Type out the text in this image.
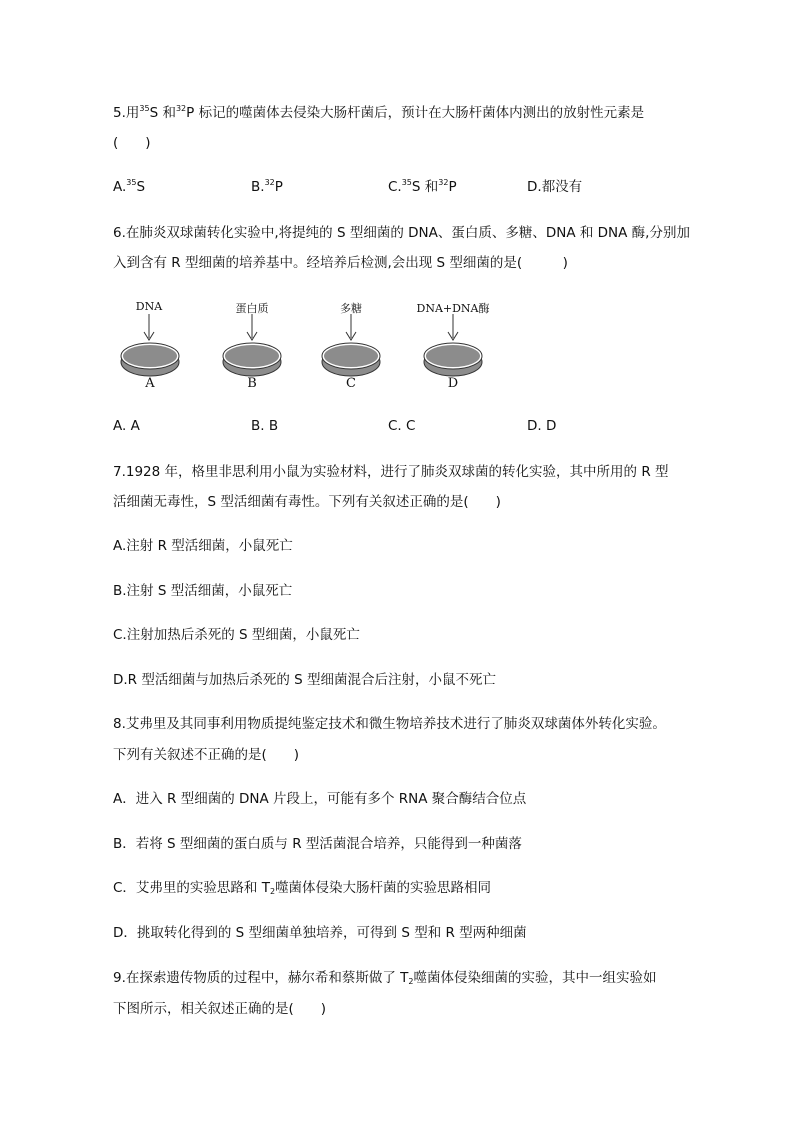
5.用$^{35}$S 和$^{32}$P 标记的噬菌体去侵染大肠杆菌后，预计在大肠杆菌体内测出的放射性元素是
(　　)
A.$^{35}$S	B.$^{32}$P	C.$^{35}$S 和$^{32}$P	D.都没有
6.在肺炎双球菌转化实验中,将提纯的 S 型细菌的 DNA、蛋白质、多糖、DNA 和 DNA 酶,分别加
入到含有 R 型细菌的培养基中。经培养后检测,会出现 S 型细菌的是(　　　)
DNA	蛋白质	多糖	DNA+DNA酶
A	B	C	D
A. A	B. B	C. C	D. D
7.1928 年，格里非思利用小鼠为实验材料，进行了肺炎双球菌的转化实验，其中所用的 R 型
活细菌无毒性，S 型活细菌有毒性。下列有关叙述正确的是(　　)
A.注射 R 型活细菌，小鼠死亡
B.注射 S 型活细菌，小鼠死亡
C.注射加热后杀死的 S 型细菌，小鼠死亡
D.R 型活细菌与加热后杀死的 S 型细菌混合后注射，小鼠不死亡
8.艾弗里及其同事利用物质提纯鉴定技术和微生物培养技术进行了肺炎双球菌体外转化实验。
下列有关叙述不正确的是(　　)
A．进入 R 型细菌的 DNA 片段上，可能有多个 RNA 聚合酶结合位点
B．若将 S 型细菌的蛋白质与 R 型活菌混合培养，只能得到一种菌落
C．艾弗里的实验思路和 $T_2$噬菌体侵染大肠杆菌的实验思路相同
D．挑取转化得到的 S 型细菌单独培养，可得到 S 型和 R 型两种细菌
9.在探索遗传物质的过程中，赫尔希和蔡斯做了 $T_2$噬菌体侵染细菌的实验，其中一组实验如
下图所示，相关叙述正确的是(　　)
